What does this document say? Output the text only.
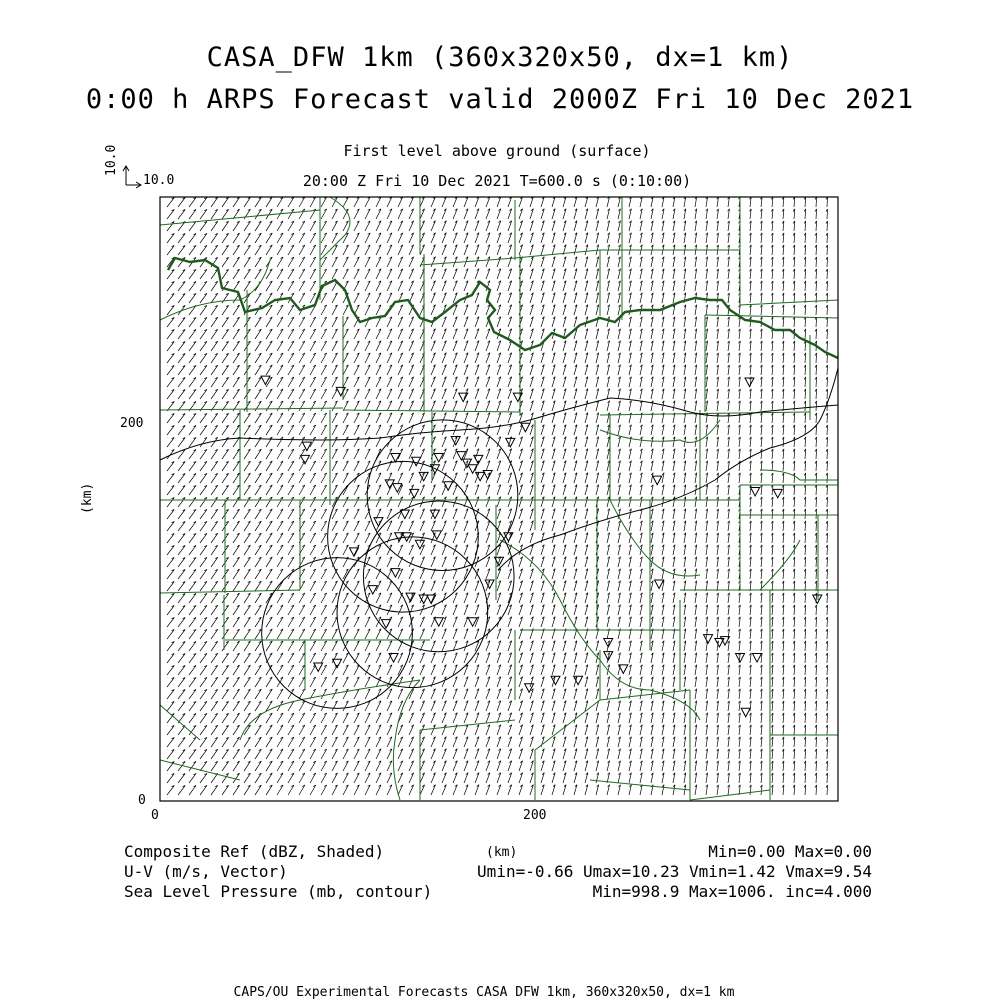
CASA_DFW 1km (360x320x50, dx=1 km)
0:00 h ARPS Forecast valid 2000Z Fri 10 Dec 2021
First level above ground (surface)
20:00 Z Fri 10 Dec 2021 T=600.0 s (0:10:00)
10.0
10.0
(km)
(km)
0	200
0
200
Composite Ref (dBZ, Shaded)	Min=0.00 Max=0.00
U-V (m/s, Vector)	Umin=-0.66 Umax=10.23 Vmin=1.42 Vmax=9.54
Sea Level Pressure (mb, contour)	Min=998.9 Max=1006. inc=4.000
CAPS/OU Experimental Forecasts CASA DFW 1km, 360x320x50, dx=1 km
